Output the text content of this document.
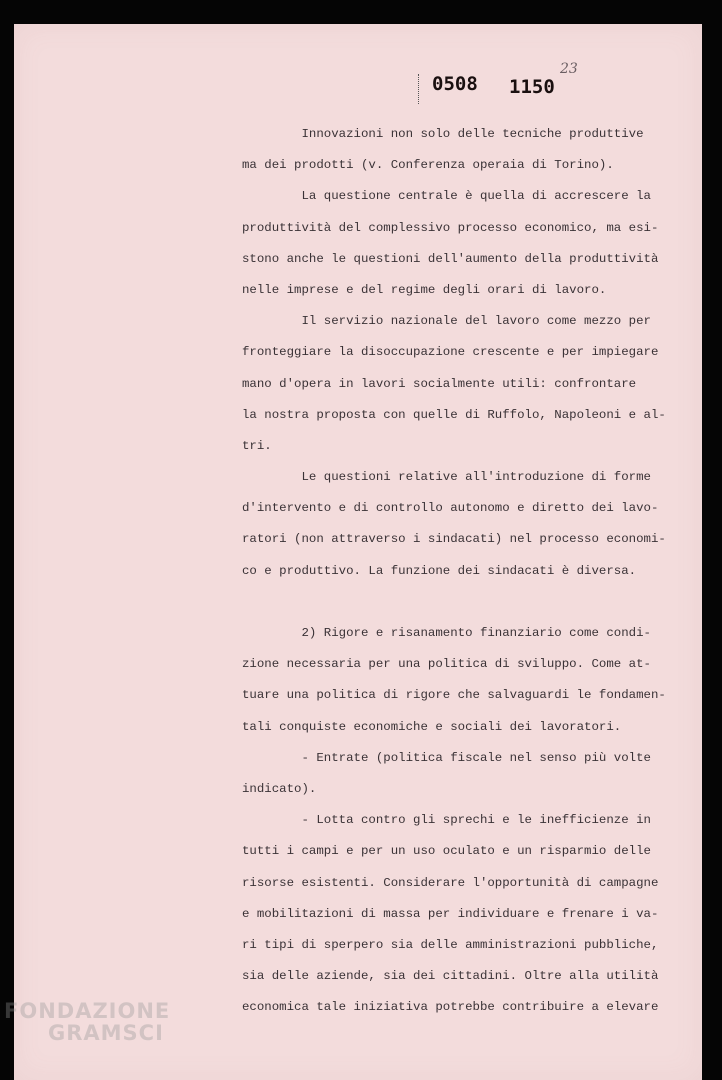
0508 1150
23
Innovazioni non solo delle tecniche produttive
ma dei prodotti (v. Conferenza operaia di Torino).
La questione centrale è quella di accrescere la
produttività del complessivo processo economico, ma esi-
stono anche le questioni dell'aumento della produttività
nelle imprese e del regime degli orari di lavoro.
Il servizio nazionale del lavoro come mezzo per
fronteggiare la disoccupazione crescente e per impiegare
mano d'opera in lavori socialmente utili: confrontare
la nostra proposta con quelle di Ruffolo, Napoleoni e al-
tri.
Le questioni relative all'introduzione di forme
d'intervento e di controllo autonomo e diretto dei lavo-
ratori (non attraverso i sindacati) nel processo economi-
co e produttivo. La funzione dei sindacati è diversa.
2) Rigore e risanamento finanziario come condi-
zione necessaria per una politica di sviluppo. Come at-
tuare una politica di rigore che salvaguardi le fondamen-
tali conquiste economiche e sociali dei lavoratori.
- Entrate (politica fiscale nel senso più volte
indicato).
- Lotta contro gli sprechi e le inefficienze in
tutti i campi e per un uso oculato e un risparmio delle
risorse esistenti. Considerare l'opportunità di campagne
e mobilitazioni di massa per individuare e frenare i va-
ri tipi di sperpero sia delle amministrazioni pubbliche,
sia delle aziende, sia dei cittadini. Oltre alla utilità
economica tale iniziativa potrebbe contribuire a elevare
FONDAZIONE
GRAMSCI
